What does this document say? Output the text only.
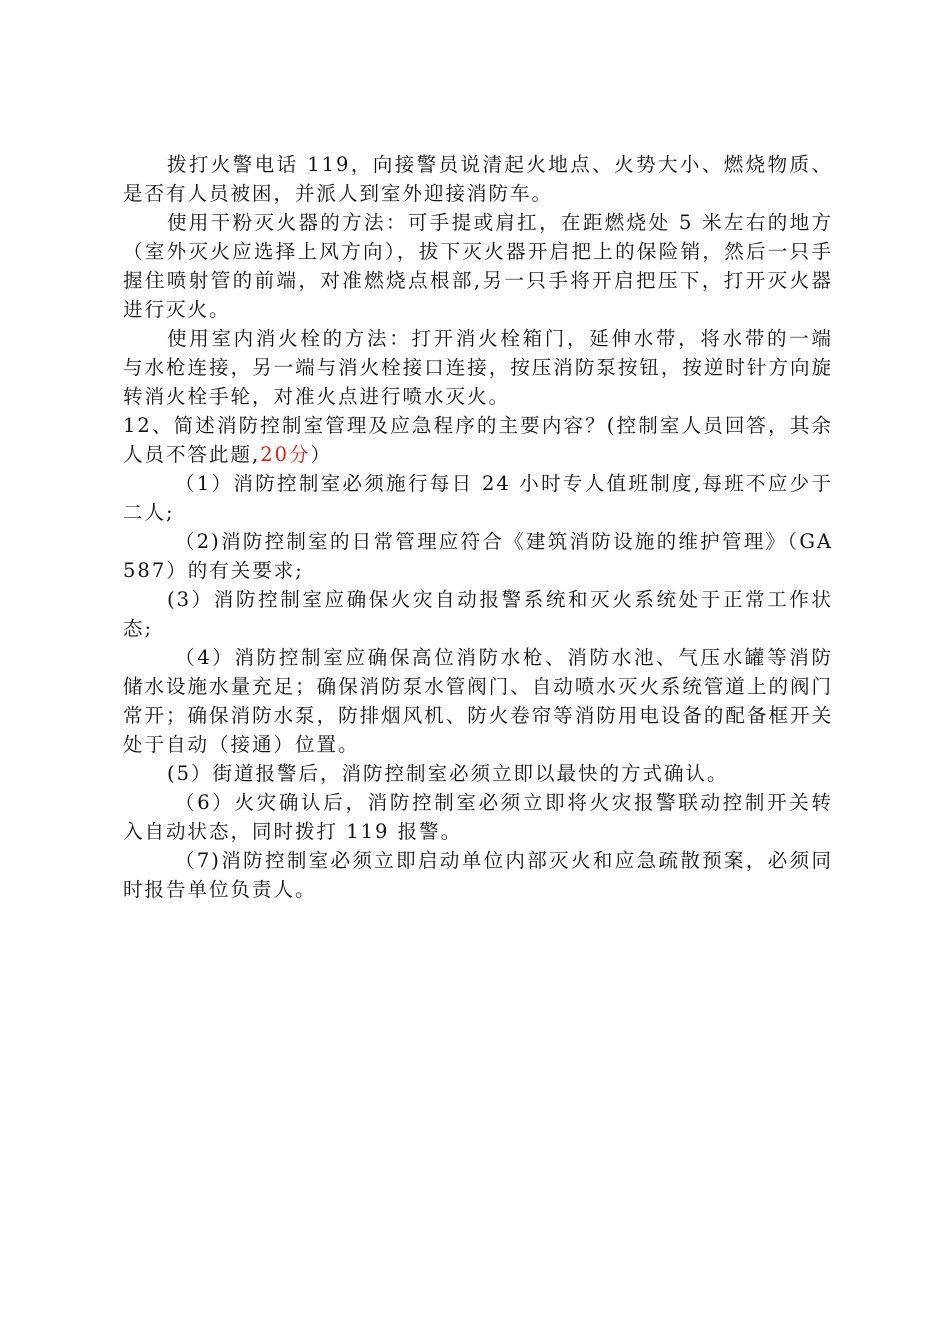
拨打火警电话 119，向接警员说清起火地点、火势大小、燃烧物质、是否有人员被困，并派人到室外迎接消防车。

使用干粉灭火器的方法：可手提或肩扛，在距燃烧处 5 米左右的地方（室外灭火应选择上风方向），拔下灭火器开启把上的保险销，然后一只手握住喷射管的前端，对准燃烧点根部,另一只手将开启把压下，打开灭火器进行灭火。

使用室内消火栓的方法：打开消火栓箱门，延伸水带，将水带的一端与水枪连接，另一端与消火栓接口连接，按压消防泵按钮，按逆时针方向旋转消火栓手轮，对准火点进行喷水灭火。

12、简述消防控制室管理及应急程序的主要内容？(控制室人员回答，其余人员不答此题,20分）

（1）消防控制室必须施行每日 24 小时专人值班制度,每班不应少于二人;

（2)消防控制室的日常管理应符合《建筑消防设施的维护管理》（GA 587）的有关要求;

(3）消防控制室应确保火灾自动报警系统和灭火系统处于正常工作状态;

（4）消防控制室应确保高位消防水枪、消防水池、气压水罐等消防储水设施水量充足；确保消防泵水管阀门、自动喷水灭火系统管道上的阀门常开；确保消防水泵，防排烟风机、防火卷帘等消防用电设备的配备框开关处于自动（接通）位置。

(5）街道报警后，消防控制室必须立即以最快的方式确认。

（6）火灾确认后，消防控制室必须立即将火灾报警联动控制开关转入自动状态，同时拨打 119 报警。

（7)消防控制室必须立即启动单位内部灭火和应急疏散预案，必须同时报告单位负责人。
